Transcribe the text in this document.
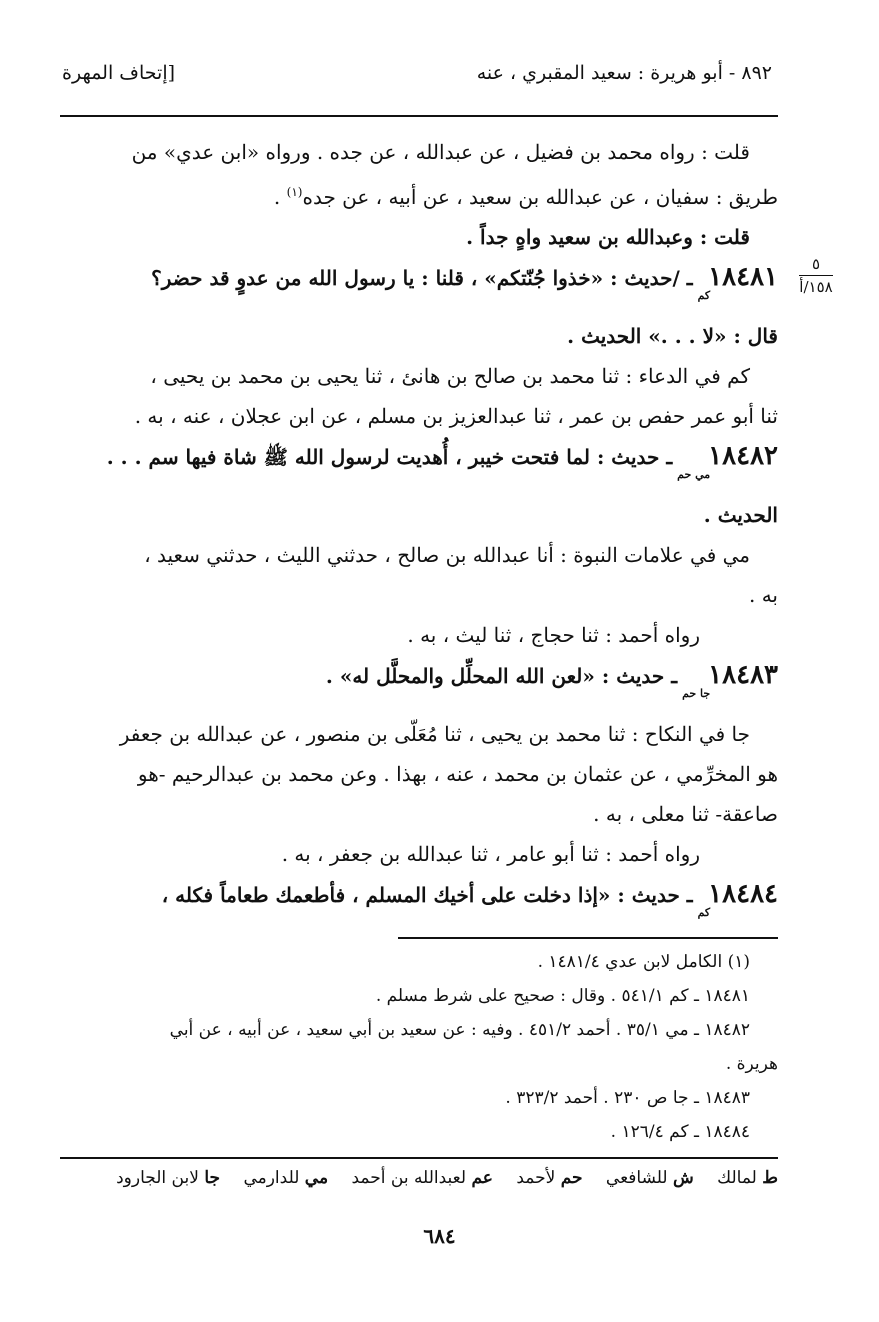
٨٩٢ - أبو هريرة : سعيد المقبري ، عنه
[إتحاف المهرة
٥
١٥٨/أ
قلت : رواه محمد بن فضيل ، عن عبدالله ، عن جده . ورواه «ابن عدي» من
طريق : سفيان ، عن عبدالله بن سعيد ، عن أبيه ، عن جده$^{(١)}$ .
قلت : وعبدالله بن سعيد واهٍ جداً .
$١٨٤٨١_{كم}$ ـ /حديث : «خذوا جُنّتكم» ، قلنا : يا رسول الله من عدوٍ قد حضر؟
قال : «لا . . .» الحديث .
كم في الدعاء : ثنا محمد بن صالح بن هانئ ، ثنا يحيى بن محمد بن يحيى ،
ثنا أبو عمر حفص بن عمر ، ثنا عبدالعزيز بن مسلم ، عن ابن عجلان ، عنه ، به .
$١٨٤٨٢_{مي حم}$ ـ حديث : لما فتحت خيبر ، أُهديت لرسول الله ﷺ شاة فيها سم . . .
الحديث .
مي في علامات النبوة : أنا عبدالله بن صالح ، حدثني الليث ، حدثني سعيد ،
به .
رواه أحمد : ثنا حجاج ، ثنا ليث ، به .
$١٨٤٨٣_{جا حم}$ ـ حديث : «لعن الله المحلِّل والمحلَّل له» .
جا في النكاح : ثنا محمد بن يحيى ، ثنا مُعَلّى بن منصور ، عن عبدالله بن جعفر
هو المخرِّمي ، عن عثمان بن محمد ، عنه ، بهذا . وعن محمد بن عبدالرحيم -هو
صاعقة- ثنا معلى ، به .
رواه أحمد : ثنا أبو عامر ، ثنا عبدالله بن جعفر ، به .
$١٨٤٨٤_{كم}$ ـ حديث : «إذا دخلت على أخيك المسلم ، فأطعمك طعاماً فكله ،
(١) الكامل لابن عدي ١٤٨١/٤ .
١٨٤٨١ ـ كم ٥٤١/١ . وقال : صحيح على شرط مسلم .
١٨٤٨٢ ـ مي ٣٥/١ . أحمد ٤٥١/٢ . وفيه : عن سعيد بن أبي سعيد ، عن أبيه ، عن أبي
هريرة .
١٨٤٨٣ ـ جا ص ٢٣٠ . أحمد ٣٢٣/٢ .
١٨٤٨٤ ـ كم ١٢٦/٤ .
ط لمالك ش للشافعي حم لأحمد عم لعبدالله بن أحمد مي للدارمي جا لابن الجارود
٦٨٤
